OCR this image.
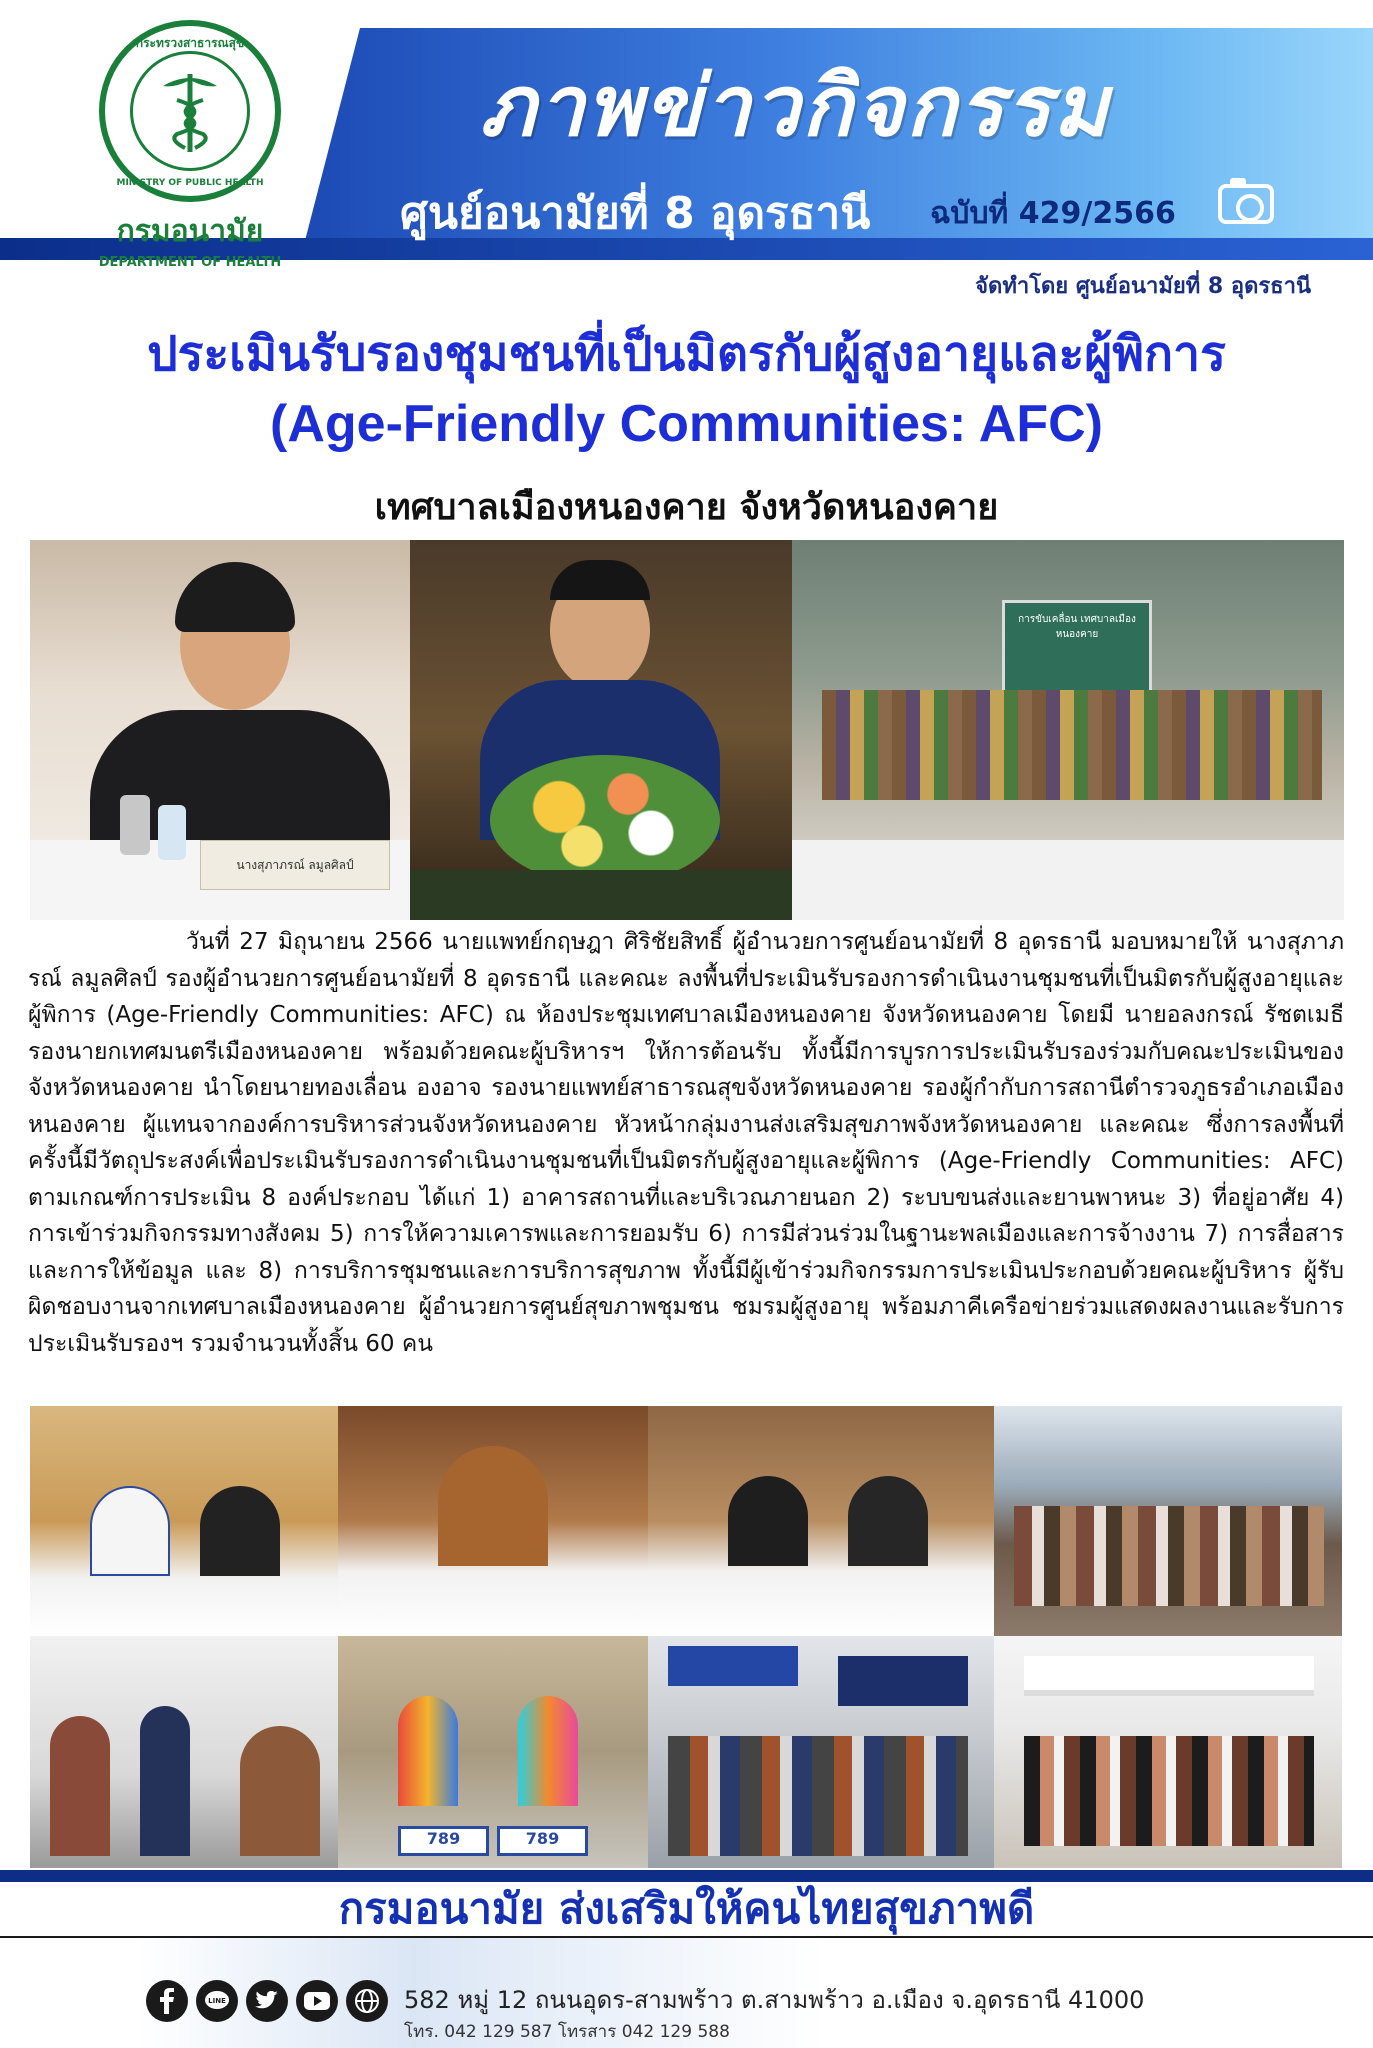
กระทรวงสาธารณสุข
MINISTRY OF PUBLIC HEALTH
กรมอนามัย
DEPARTMENT OF HEALTH
ภาพข่าวกิจกรรม
ศูนย์อนามัยที่ 8 อุดรธานี ฉบับที่ 429/2566
จัดทำโดย ศูนย์อนามัยที่ 8 อุดรธานี
ประเมินรับรองชุมชนที่เป็นมิตรกับผู้สูงอายุและผู้พิการ
(Age-Friendly Communities: AFC)
เทศบาลเมืองหนองคาย จังหวัดหนองคาย
นางสุภาภรณ์ ลมูลศิลป์
การขับเคลื่อน เทศบาลเมืองหนองคาย
วันที่ 27 มิถุนายน 2566 นายแพทย์กฤษฎา ศิริชัยสิทธิ์ ผู้อำนวยการศูนย์อนามัยที่ 8 อุดรธานี มอบหมายให้ นางสุภาภรณ์ ลมูลศิลป์ รองผู้อำนวยการศูนย์อนามัยที่ 8 อุดรธานี และคณะ ลงพื้นที่ประเมินรับรองการดำเนินงานชุมชนที่เป็นมิตรกับผู้สูงอายุและผู้พิการ (Age-Friendly Communities: AFC) ณ ห้องประชุมเทศบาลเมืองหนองคาย จังหวัดหนองคาย โดยมี นายอลงกรณ์ รัชตเมธี รองนายกเทศมนตรีเมืองหนองคาย พร้อมด้วยคณะผู้บริหารฯ ให้การต้อนรับ ทั้งนี้มีการบูรการประเมินรับรองร่วมกับคณะประเมินของจังหวัดหนองคาย นำโดยนายทองเลื่อน องอาจ รองนายแพทย์สาธารณสุขจังหวัดหนองคาย รองผู้กำกับการสถานีตำรวจภูธรอำเภอเมืองหนองคาย ผู้แทนจากองค์การบริหารส่วนจังหวัดหนองคาย หัวหน้ากลุ่มงานส่งเสริมสุขภาพจังหวัดหนองคาย และคณะ ซึ่งการลงพื้นที่ครั้งนี้มีวัตถุประสงค์เพื่อประเมินรับรองการดำเนินงานชุมชนที่เป็นมิตรกับผู้สูงอายุและผู้พิการ (Age-Friendly Communities: AFC) ตามเกณฑ์การประเมิน 8 องค์ประกอบ ได้แก่ 1) อาคารสถานที่และบริเวณภายนอก 2) ระบบขนส่งและยานพาหนะ 3) ที่อยู่อาศัย 4) การเข้าร่วมกิจกรรมทางสังคม 5) การให้ความเคารพและการยอมรับ 6) การมีส่วนร่วมในฐานะพลเมืองและการจ้างงาน 7) การสื่อสารและการให้ข้อมูล และ 8) การบริการชุมชนและการบริการสุขภาพ ทั้งนี้มีผู้เข้าร่วมกิจกรรมการประเมินประกอบด้วยคณะผู้บริหาร ผู้รับผิดชอบงานจากเทศบาลเมืองหนองคาย ผู้อำนวยการศูนย์สุขภาพชุมชน ชมรมผู้สูงอายุ พร้อมภาคีเครือข่ายร่วมแสดงผลงานและรับการประเมินรับรองฯ รวมจำนวนทั้งสิ้น 60 คน
789	789
กรมอนามัย ส่งเสริมให้คนไทยสุขภาพดี
LINE	582 หมู่ 12 ถนนอุดร-สามพร้าว ต.สามพร้าว อ.เมือง จ.อุดรธานี 41000
โทร. 042 129 587 โทรสาร 042 129 588
